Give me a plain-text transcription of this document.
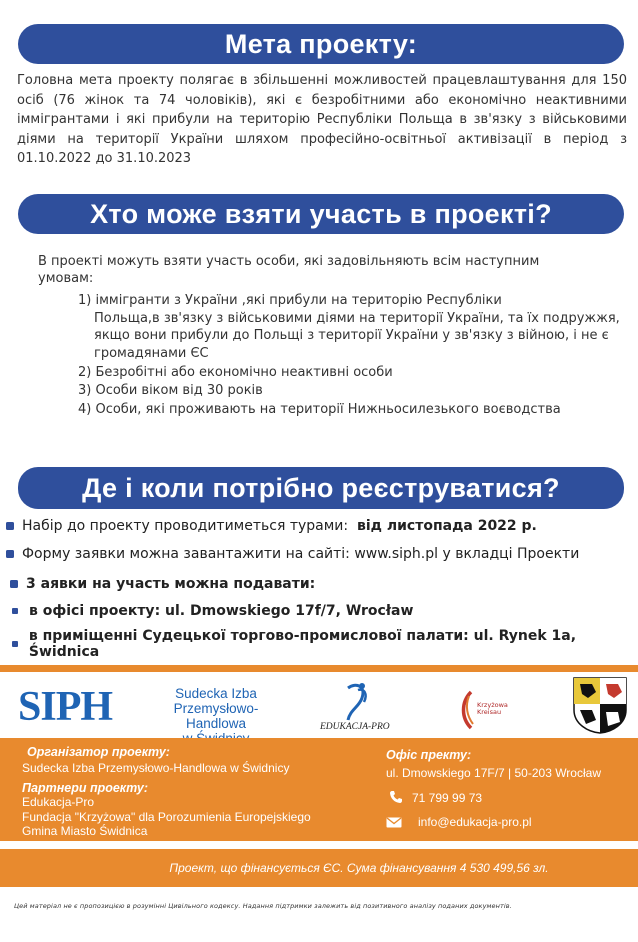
Мета проекту:

Головна мета проекту полягає в збільшенні можливостей працевлаштування для 150 осіб (76 жінок та 74 чоловіків), які є безробітними або економічно неактивними іммігрантами і які прибули на територію Республіки Польща в зв'язку з військовими діями на території України шляхом професійно-освітньої активізації в період з 01.10.2022 до 31.10.2023

Хто може взяти участь в проекті?

В проекті можуть взяти участь особи, які задовільняють всім наступним умовам:

1) іммігранти з України ,які прибули на територію Республіки
Польща,в зв'язку з військовими діями на території України, та їх подружжя, якщо вони прибули до Польщі з території України у зв'язку з війною, і не є громадянами ЄС
2) Безробітні або економічно неактивні особи
3) Особи віком від 30 років
4) Особи, які проживають на території Нижньосилезького воєводства
Де і коли потрібно реєструватися?
Набір до проекту проводитиметься турами: від листопада 2022 р.
Форму заявки можна завантажити на сайті: www.siph.pl у вкладці Проекти
3 аявки на участь можна подавати:
в офісі проекту: ul. Dmowskiego 17f/7, Wrocław
в приміщенні Судецької торгово-промислової палати: ul. Rynek 1a, Świdnica
SIPH	Sudecka Izba
Przemysłowo-Handlowa	EDUKACJA-PRO
Krzyżowa
Kreisau
Організатор проекту:
Sudecka Izba Przemysłowo-Handlowa w Świdnicy
Партнери проекту:
Edukacja-Pro
Fundacja "Krzyżowa" dla Porozumienia Europejskiego
Gmina Miasto Świdnica
Офіс пректу:
ul. Dmowskiego 17F/7 | 50-203 Wrocław
71 799 99 73
info@edukacja-pro.pl
Проект, що фінансується ЄС. Сума фінансування 4 530 499,56 зл.
Цей матеріал не є пропозицією в розумінні Цивільного кодексу. Надання підтримки залежить від позитивного аналізу поданих документів.
